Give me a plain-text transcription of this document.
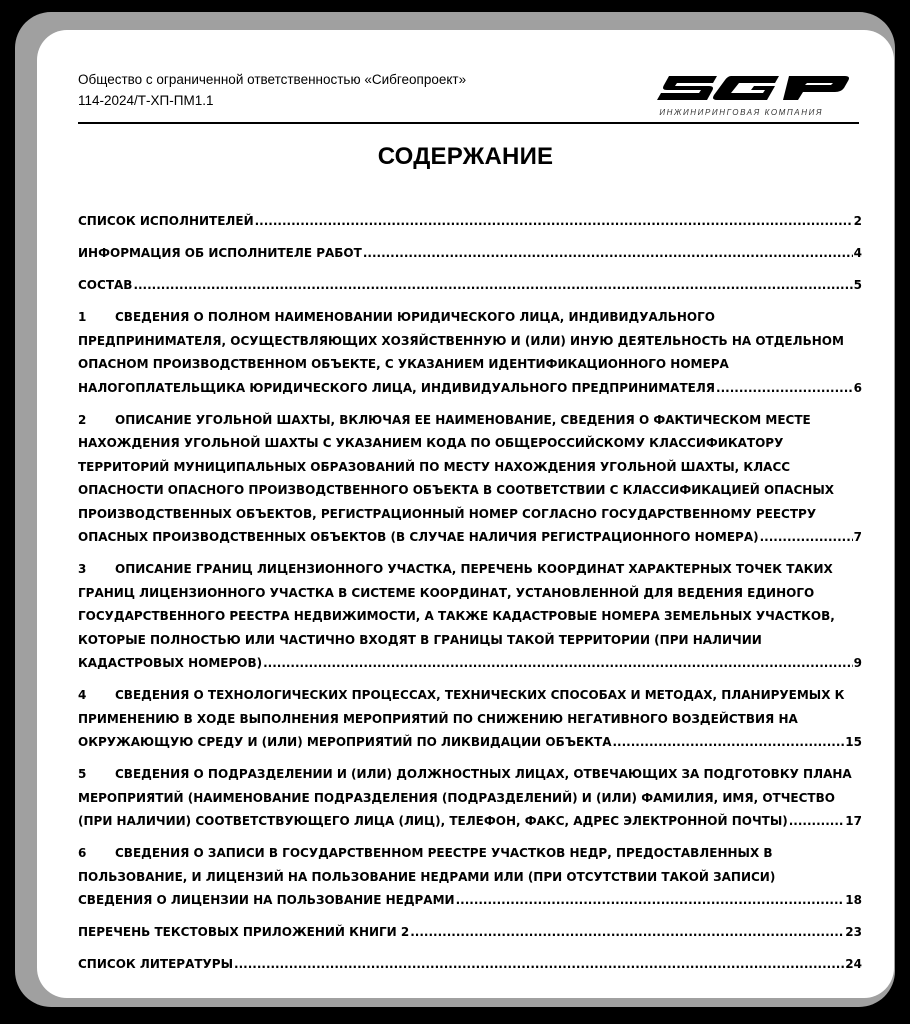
Общество с ограниченной ответственностью «Сибгеопроект»
114-2024/Т-ХП-ПМ1.1
ИНЖИНИРИНГОВАЯ КОМПАНИЯ
СОДЕРЖАНИЕ
СПИСОК ИСПОЛНИТЕЛЕЙ .....	2
ИНФОРМАЦИЯ ОБ ИСПОЛНИТЕЛЕ РАБОТ .....	4
СОСТАВ .....	5
1 СВЕДЕНИЯ О ПОЛНОМ НАИМЕНОВАНИИ ЮРИДИЧЕСКОГО ЛИЦА, ИНДИВИДУАЛЬНОГО
ПРЕДПРИНИМАТЕЛЯ, ОСУЩЕСТВЛЯЮЩИХ ХОЗЯЙСТВЕННУЮ И (ИЛИ) ИНУЮ ДЕЯТЕЛЬНОСТЬ НА ОТДЕЛЬНОМ
ОПАСНОМ ПРОИЗВОДСТВЕННОМ ОБЪЕКТЕ, С УКАЗАНИЕМ ИДЕНТИФИКАЦИОННОГО НОМЕРА
НАЛОГОПЛАТЕЛЬЩИКА ЮРИДИЧЕСКОГО ЛИЦА, ИНДИВИДУАЛЬНОГО ПРЕДПРИНИМАТЕЛЯ .....	6
2 ОПИСАНИЕ УГОЛЬНОЙ ШАХТЫ, ВКЛЮЧАЯ ЕЕ НАИМЕНОВАНИЕ, СВЕДЕНИЯ О ФАКТИЧЕСКОМ МЕСТЕ
НАХОЖДЕНИЯ УГОЛЬНОЙ ШАХТЫ С УКАЗАНИЕМ КОДА ПО ОБЩЕРОССИЙСКОМУ КЛАССИФИКАТОРУ
ТЕРРИТОРИЙ МУНИЦИПАЛЬНЫХ ОБРАЗОВАНИЙ ПО МЕСТУ НАХОЖДЕНИЯ УГОЛЬНОЙ ШАХТЫ, КЛАСС
ОПАСНОСТИ ОПАСНОГО ПРОИЗВОДСТВЕННОГО ОБЪЕКТА В СООТВЕТСТВИИ С КЛАССИФИКАЦИЕЙ ОПАСНЫХ
ПРОИЗВОДСТВЕННЫХ ОБЪЕКТОВ, РЕГИСТРАЦИОННЫЙ НОМЕР СОГЛАСНО ГОСУДАРСТВЕННОМУ РЕЕСТРУ
ОПАСНЫХ ПРОИЗВОДСТВЕННЫХ ОБЪЕКТОВ (В СЛУЧАЕ НАЛИЧИЯ РЕГИСТРАЦИОННОГО НОМЕРА) .....	7
3 ОПИСАНИЕ ГРАНИЦ ЛИЦЕНЗИОННОГО УЧАСТКА, ПЕРЕЧЕНЬ КООРДИНАТ ХАРАКТЕРНЫХ ТОЧЕК ТАКИХ
ГРАНИЦ ЛИЦЕНЗИОННОГО УЧАСТКА В СИСТЕМЕ КООРДИНАТ, УСТАНОВЛЕННОЙ ДЛЯ ВЕДЕНИЯ ЕДИНОГО
ГОСУДАРСТВЕННОГО РЕЕСТРА НЕДВИЖИМОСТИ, А ТАКЖЕ КАДАСТРОВЫЕ НОМЕРА ЗЕМЕЛЬНЫХ УЧАСТКОВ,
КОТОРЫЕ ПОЛНОСТЬЮ ИЛИ ЧАСТИЧНО ВХОДЯТ В ГРАНИЦЫ ТАКОЙ ТЕРРИТОРИИ (ПРИ НАЛИЧИИ
КАДАСТРОВЫХ НОМЕРОВ) .....	9
4 СВЕДЕНИЯ О ТЕХНОЛОГИЧЕСКИХ ПРОЦЕССАХ, ТЕХНИЧЕСКИХ СПОСОБАХ И МЕТОДАХ, ПЛАНИРУЕМЫХ К
ПРИМЕНЕНИЮ В ХОДЕ ВЫПОЛНЕНИЯ МЕРОПРИЯТИЙ ПО СНИЖЕНИЮ НЕГАТИВНОГО ВОЗДЕЙСТВИЯ НА
ОКРУЖАЮЩУЮ СРЕДУ И (ИЛИ) МЕРОПРИЯТИЙ ПО ЛИКВИДАЦИИ ОБЪЕКТА .....	15
5 СВЕДЕНИЯ О ПОДРАЗДЕЛЕНИИ И (ИЛИ) ДОЛЖНОСТНЫХ ЛИЦАХ, ОТВЕЧАЮЩИХ ЗА ПОДГОТОВКУ ПЛАНА
МЕРОПРИЯТИЙ (НАИМЕНОВАНИЕ ПОДРАЗДЕЛЕНИЯ (ПОДРАЗДЕЛЕНИЙ) И (ИЛИ) ФАМИЛИЯ, ИМЯ, ОТЧЕСТВО
(ПРИ НАЛИЧИИ) СООТВЕТСТВУЮЩЕГО ЛИЦА (ЛИЦ), ТЕЛЕФОН, ФАКС, АДРЕС ЭЛЕКТРОННОЙ ПОЧТЫ) .....	17
6 СВЕДЕНИЯ О ЗАПИСИ В ГОСУДАРСТВЕННОМ РЕЕСТРЕ УЧАСТКОВ НЕДР, ПРЕДОСТАВЛЕННЫХ В
ПОЛЬЗОВАНИЕ, И ЛИЦЕНЗИЙ НА ПОЛЬЗОВАНИЕ НЕДРАМИ ИЛИ (ПРИ ОТСУТСТВИИ ТАКОЙ ЗАПИСИ)
СВЕДЕНИЯ О ЛИЦЕНЗИИ НА ПОЛЬЗОВАНИЕ НЕДРАМИ .....	18
ПЕРЕЧЕНЬ ТЕКСТОВЫХ ПРИЛОЖЕНИЙ КНИГИ 2 .....	23
СПИСОК ЛИТЕРАТУРЫ .....	24
